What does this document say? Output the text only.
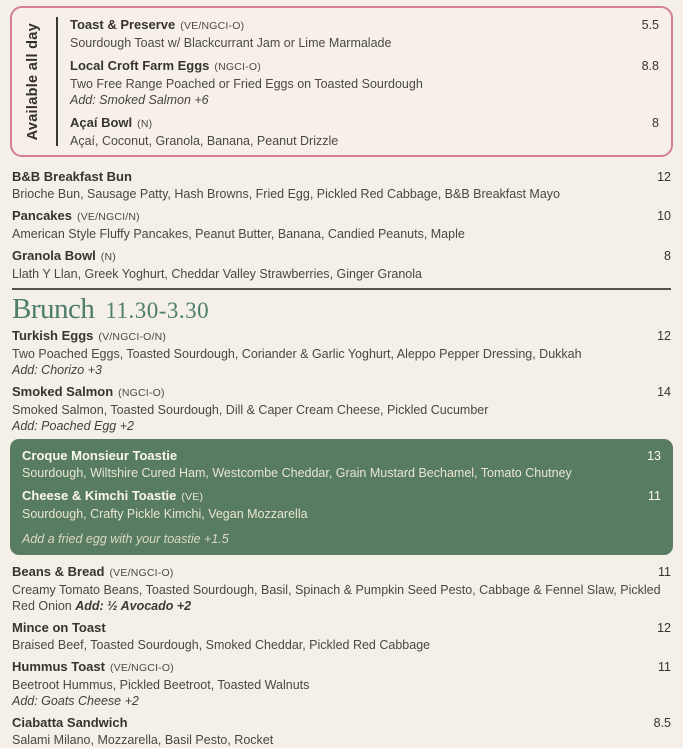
Available all day Toast & Preserve (VE/NGCI-O)	5.5

Sourdough Toast w/ Blackcurrant Jam or Lime Marmalade

Local Croft Farm Eggs (NGCI-O)	8.8

Two Free Range Poached or Fried Eggs on Toasted Sourdough

Add: Smoked Salmon +6

Açaí Bowl (N)	8

Açaí, Coconut, Granola, Banana, Peanut Drizzle

B&B Breakfast Bun	12

Brioche Bun, Sausage Patty, Hash Browns, Fried Egg, Pickled Red Cabbage, B&B Breakfast Mayo

Pancakes (VE/NGCI/N)	10

American Style Fluffy Pancakes, Peanut Butter, Banana, Candied Peanuts, Maple

Granola Bowl (N)	8

Llath Y Llan, Greek Yoghurt, Cheddar Valley Strawberries, Ginger Granola

Brunch 11.30-3.30
Turkish Eggs (V/NGCI-O/N)	12

Two Poached Eggs, Toasted Sourdough, Coriander & Garlic Yoghurt, Aleppo Pepper Dressing, Dukkah

Add: Chorizo +3

Smoked Salmon (NGCI-O)	14

Smoked Salmon, Toasted Sourdough, Dill & Caper Cream Cheese, Pickled Cucumber

Add: Poached Egg +2

Croque Monsieur Toastie	13

Sourdough, Wiltshire Cured Ham, Westcombe Cheddar, Grain Mustard Bechamel, Tomato Chutney

Cheese & Kimchi Toastie (VE)	11

Sourdough, Crafty Pickle Kimchi, Vegan Mozzarella

Add a fried egg with your toastie +1.5

Beans & Bread (VE/NGCI-O)	11

Creamy Tomato Beans, Toasted Sourdough, Basil, Spinach & Pumpkin Seed Pesto, Cabbage & Fennel Slaw, Pickled Red Onion Add: ½ Avocado +2

Mince on Toast	12

Braised Beef, Toasted Sourdough, Smoked Cheddar, Pickled Red Cabbage

Hummus Toast (VE/NGCI-O)	11

Beetroot Hummus, Pickled Beetroot, Toasted Walnuts

Add: Goats Cheese +2

Ciabatta Sandwich	8.5

Salami Milano, Mozzarella, Basil Pesto, Rocket
